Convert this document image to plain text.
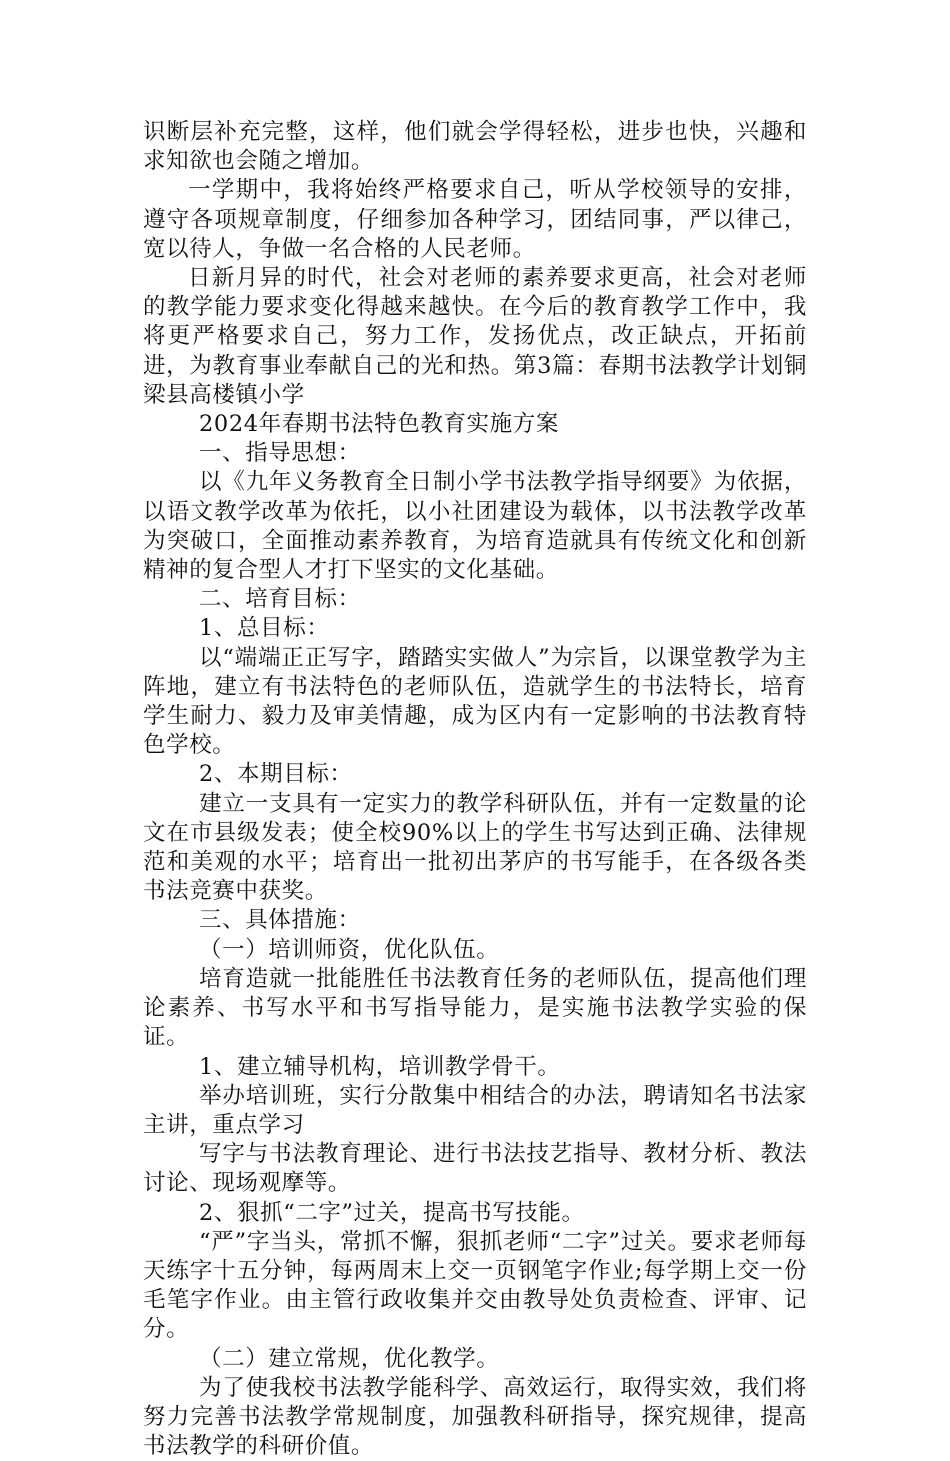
识断层补充完整，这样，他们就会学得轻松，进步也快，兴趣和求知欲也会随之增加。

一学期中，我将始终严格要求自己，听从学校领导的安排，遵守各项规章制度，仔细参加各种学习，团结同事，严以律己，宽以待人，争做一名合格的人民老师。

日新月异的时代，社会对老师的素养要求更高，社会对老师的教学能力要求变化得越来越快。在今后的教育教学工作中，我将更严格要求自己，努力工作，发扬优点，改正缺点，开拓前进，为教育事业奉献自己的光和热。第3篇：春期书法教学计划铜梁县高楼镇小学

2024年春期书法特色教育实施方案

一、指导思想：

以《九年义务教育全日制小学书法教学指导纲要》为依据，以语文教学改革为依托，以小社团建设为载体，以书法教学改革为突破口，全面推动素养教育，为培育造就具有传统文化和创新精神的复合型人才打下坚实的文化基础。

二、培育目标：

1、总目标：

以“端端正正写字，踏踏实实做人”为宗旨，以课堂教学为主阵地，建立有书法特色的老师队伍，造就学生的书法特长，培育学生耐力、毅力及审美情趣，成为区内有一定影响的书法教育特色学校。

2、本期目标：

建立一支具有一定实力的教学科研队伍，并有一定数量的论文在市县级发表；使全校90%以上的学生书写达到正确、法律规范和美观的水平；培育出一批初出茅庐的书写能手，在各级各类书法竞赛中获奖。

三、具体措施：

（一）培训师资，优化队伍。

培育造就一批能胜任书法教育任务的老师队伍，提高他们理论素养、书写水平和书写指导能力，是实施书法教学实验的保证。

1、建立辅导机构，培训教学骨干。

举办培训班，实行分散集中相结合的办法，聘请知名书法家主讲，重点学习

写字与书法教育理论、进行书法技艺指导、教材分析、教法讨论、现场观摩等。

2、狠抓“二字”过关，提高书写技能。

“严”字当头，常抓不懈，狠抓老师“二字”过关。要求老师每天练字十五分钟，每两周末上交一页钢笔字作业;每学期上交一份毛笔字作业。由主管行政收集并交由教导处负责检查、评审、记分。

（二）建立常规，优化教学。

为了使我校书法教学能科学、高效运行，取得实效，我们将努力完善书法教学常规制度，加强教科研指导，探究规律，提高书法教学的科研价值。
